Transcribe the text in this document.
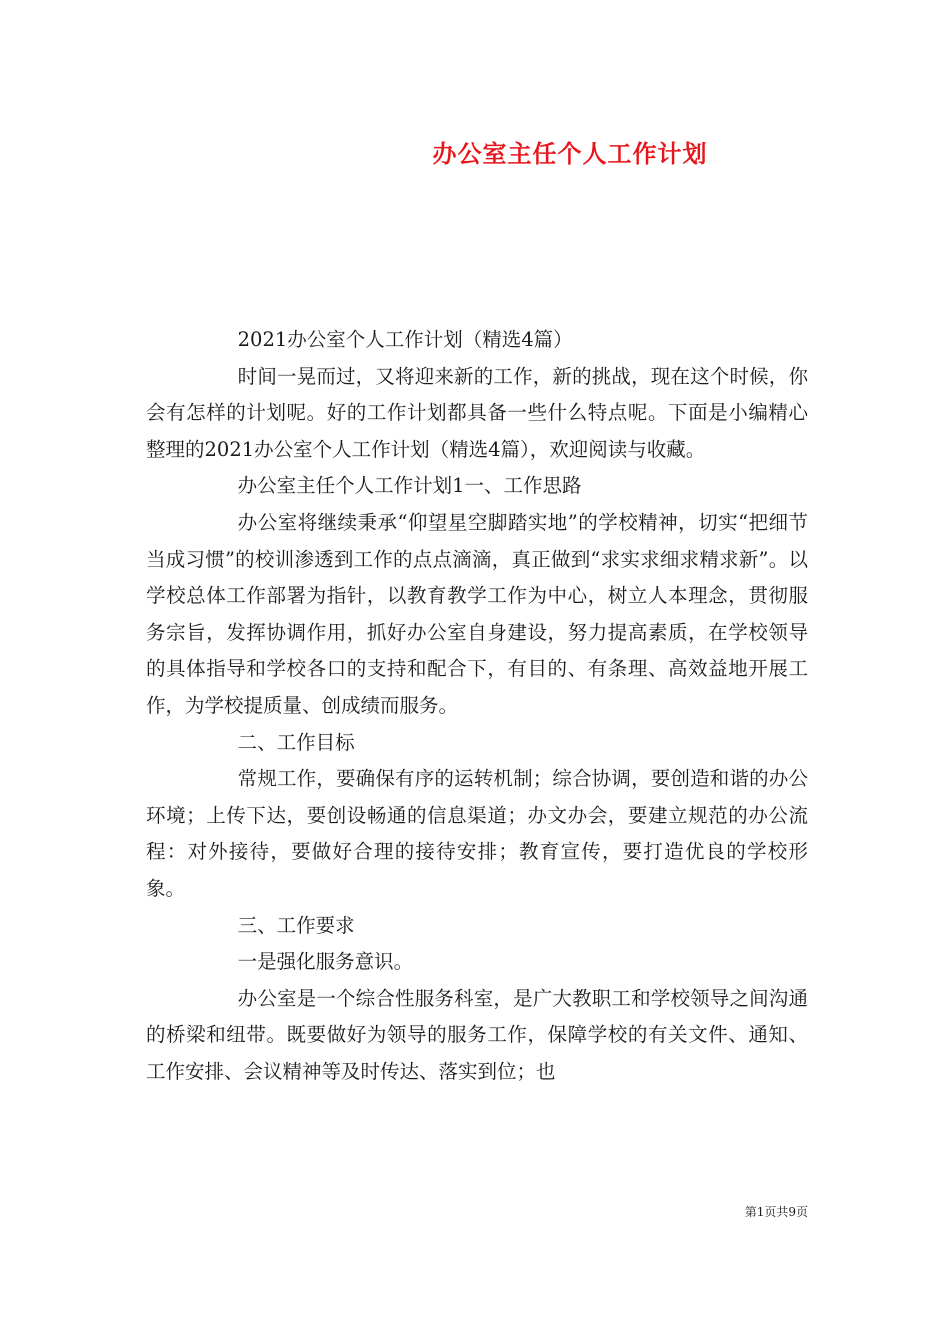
办公室主任个人工作计划

2021办公室个人工作计划（精选4篇）

时间一晃而过，又将迎来新的工作，新的挑战，现在这个时候，你会有怎样的计划呢。好的工作计划都具备一些什么特点呢。下面是小编精心整理的2021办公室个人工作计划（精选4篇），欢迎阅读与收藏。

办公室主任个人工作计划1一、工作思路

办公室将继续秉承“仰望星空脚踏实地”的学校精神，切实“把细节当成习惯”的校训渗透到工作的点点滴滴，真正做到“求实求细求精求新”。以学校总体工作部署为指针，以教育教学工作为中心，树立人本理念，贯彻服务宗旨，发挥协调作用，抓好办公室自身建设，努力提高素质，在学校领导的具体指导和学校各口的支持和配合下，有目的、有条理、高效益地开展工作，为学校提质量、创成绩而服务。

二、工作目标

常规工作，要确保有序的运转机制；综合协调，要创造和谐的办公环境；上传下达，要创设畅通的信息渠道；办文办会，要建立规范的办公流程：对外接待，要做好合理的接待安排；教育宣传，要打造优良的学校形象。

三、工作要求

一是强化服务意识。

办公室是一个综合性服务科室，是广大教职工和学校领导之间沟通的桥梁和纽带。既要做好为领导的服务工作，保障学校的有关文件、通知、工作安排、会议精神等及时传达、落实到位；也

第1页共9页
